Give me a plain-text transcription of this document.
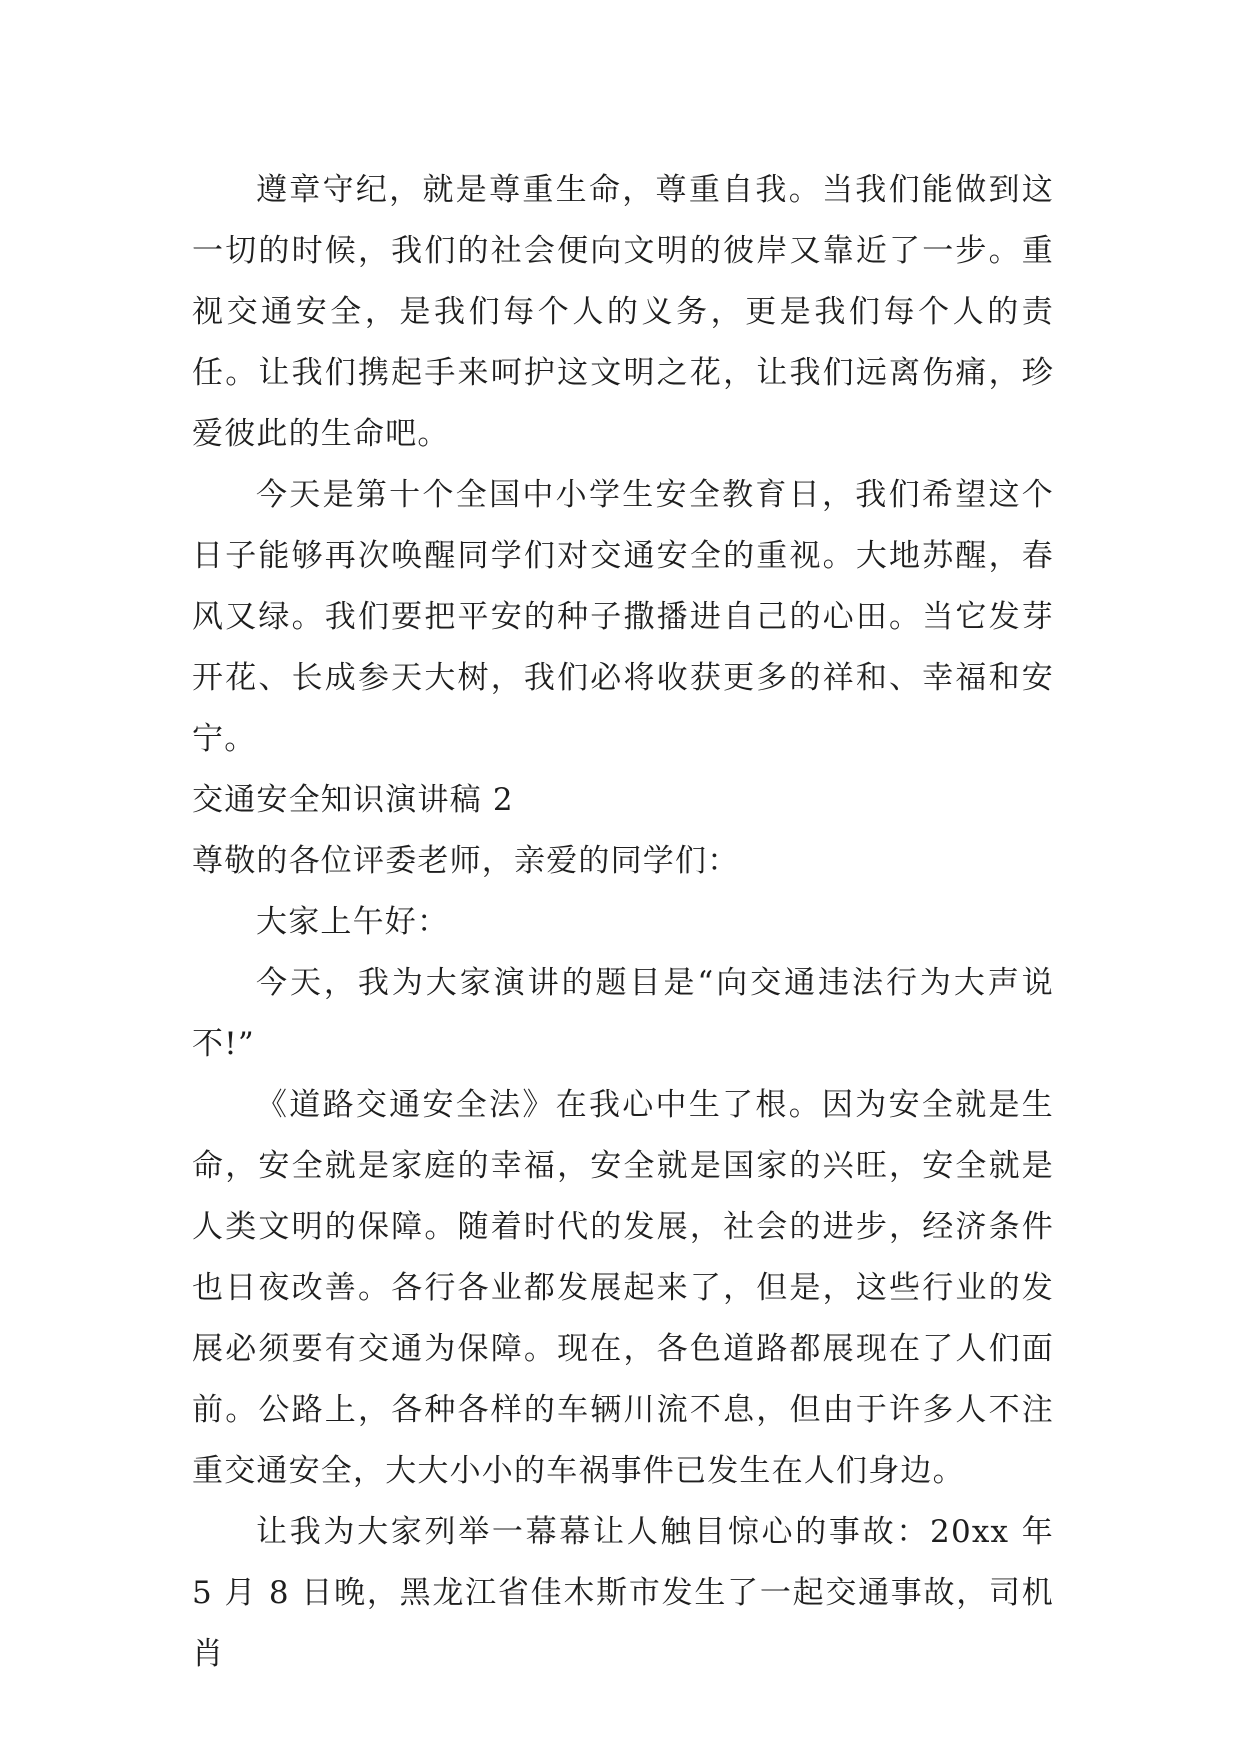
遵章守纪，就是尊重生命，尊重自我。当我们能做到这一切的时候，我们的社会便向文明的彼岸又靠近了一步。重视交通安全，是我们每个人的义务，更是我们每个人的责任。让我们携起手来呵护这文明之花，让我们远离伤痛，珍爱彼此的生命吧。

今天是第十个全国中小学生安全教育日，我们希望这个日子能够再次唤醒同学们对交通安全的重视。大地苏醒，春风又绿。我们要把平安的种子撒播进自己的心田。当它发芽开花、长成参天大树，我们必将收获更多的祥和、幸福和安宁。

交通安全知识演讲稿 2

尊敬的各位评委老师，亲爱的同学们：

大家上午好：

今天，我为大家演讲的题目是“向交通违法行为大声说不!”

《道路交通安全法》在我心中生了根。因为安全就是生命，安全就是家庭的幸福，安全就是国家的兴旺，安全就是人类文明的保障。随着时代的发展，社会的进步，经济条件也日夜改善。各行各业都发展起来了，但是，这些行业的发展必须要有交通为保障。现在，各色道路都展现在了人们面前。公路上，各种各样的车辆川流不息，但由于许多人不注重交通安全，大大小小的车祸事件已发生在人们身边。

让我为大家列举一幕幕让人触目惊心的事故：20xx 年 5 月 8 日晚，黑龙江省佳木斯市发生了一起交通事故，司机肖
